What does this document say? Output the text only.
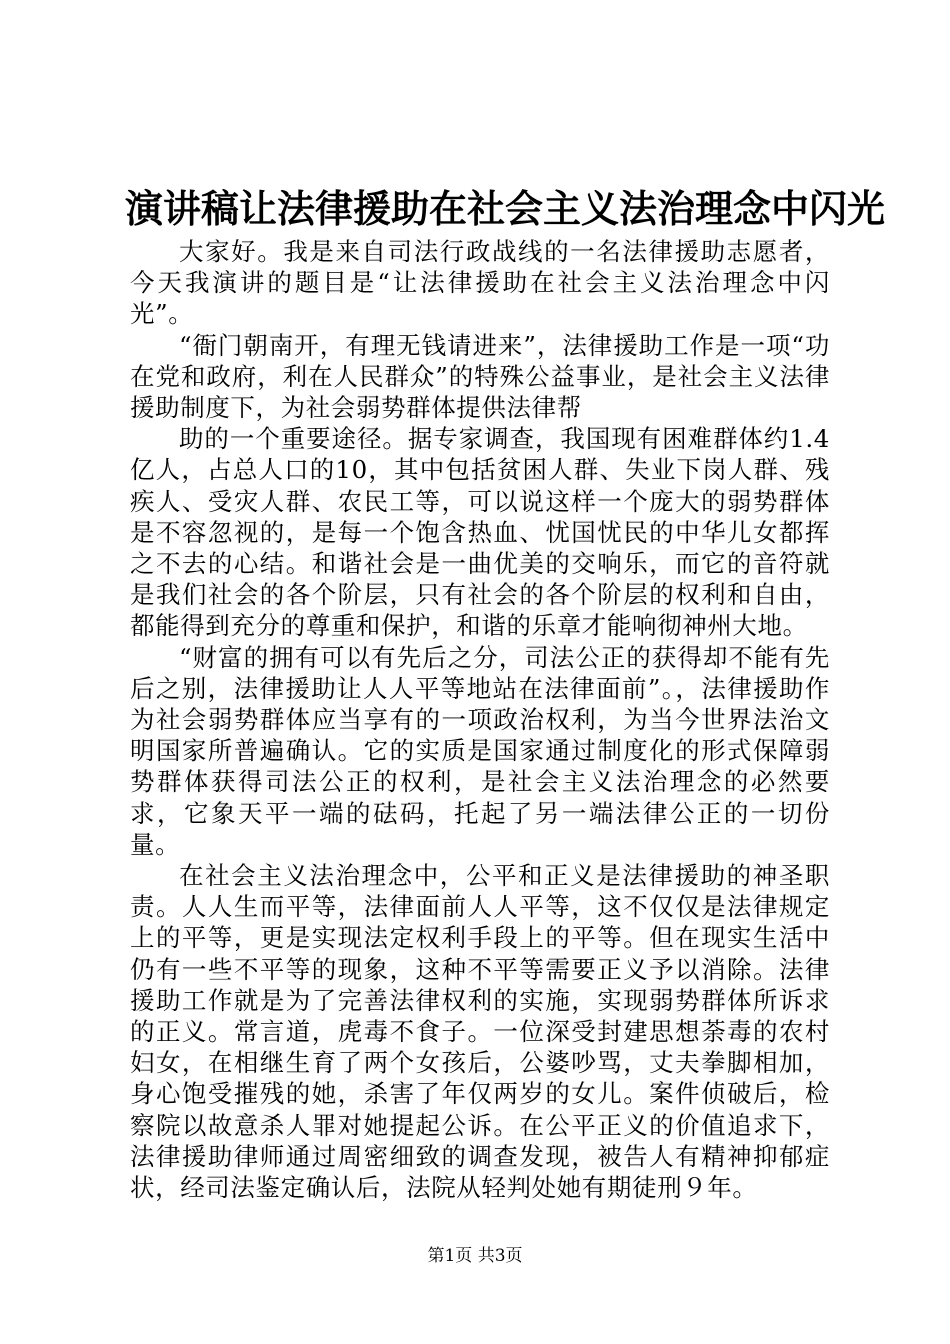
演讲稿让法律援助在社会主义法治理念中闪光

大家好。我是来自司法行政战线的一名法律援助志愿者，今天我演讲的题目是“让法律援助在社会主义法治理念中闪光”。

“衙门朝南开，有理无钱请进来”，法律援助工作是一项“功在党和政府，利在人民群众”的特殊公益事业，是社会主义法律援助制度下，为社会弱势群体提供法律帮

助的一个重要途径。据专家调查，我国现有困难群体约1.4亿人，占总人口的10，其中包括贫困人群、失业下岗人群、残疾人、受灾人群、农民工等，可以说这样一个庞大的弱势群体是不容忽视的，是每一个饱含热血、忧国忧民的中华儿女都挥之不去的心结。和谐社会是一曲优美的交响乐，而它的音符就是我们社会的各个阶层，只有社会的各个阶层的权利和自由，都能得到充分的尊重和保护，和谐的乐章才能响彻神州大地。

“财富的拥有可以有先后之分，司法公正的获得却不能有先后之别，法律援助让人人平等地站在法律面前”。，法律援助作为社会弱势群体应当享有的一项政治权利，为当今世界法治文明国家所普遍确认。它的实质是国家通过制度化的形式保障弱势群体获得司法公正的权利，是社会主义法治理念的必然要求，它象天平一端的砝码，托起了另一端法律公正的一切份量。

在社会主义法治理念中，公平和正义是法律援助的神圣职责。人人生而平等，法律面前人人平等，这不仅仅是法律规定上的平等，更是实现法定权利手段上的平等。但在现实生活中仍有一些不平等的现象，这种不平等需要正义予以消除。法律援助工作就是为了完善法律权利的实施，实现弱势群体所诉求的正义。常言道，虎毒不食子。一位深受封建思想荼毒的农村妇女，在相继生育了两个女孩后，公婆吵骂，丈夫拳脚相加，身心饱受摧残的她，杀害了年仅两岁的女儿。案件侦破后，检察院以故意杀人罪对她提起公诉。在公平正义的价值追求下，法律援助律师通过周密细致的调查发现，被告人有精神抑郁症状，经司法鉴定确认后，法院从轻判处她有期徒刑９年。

第1页 共3页
